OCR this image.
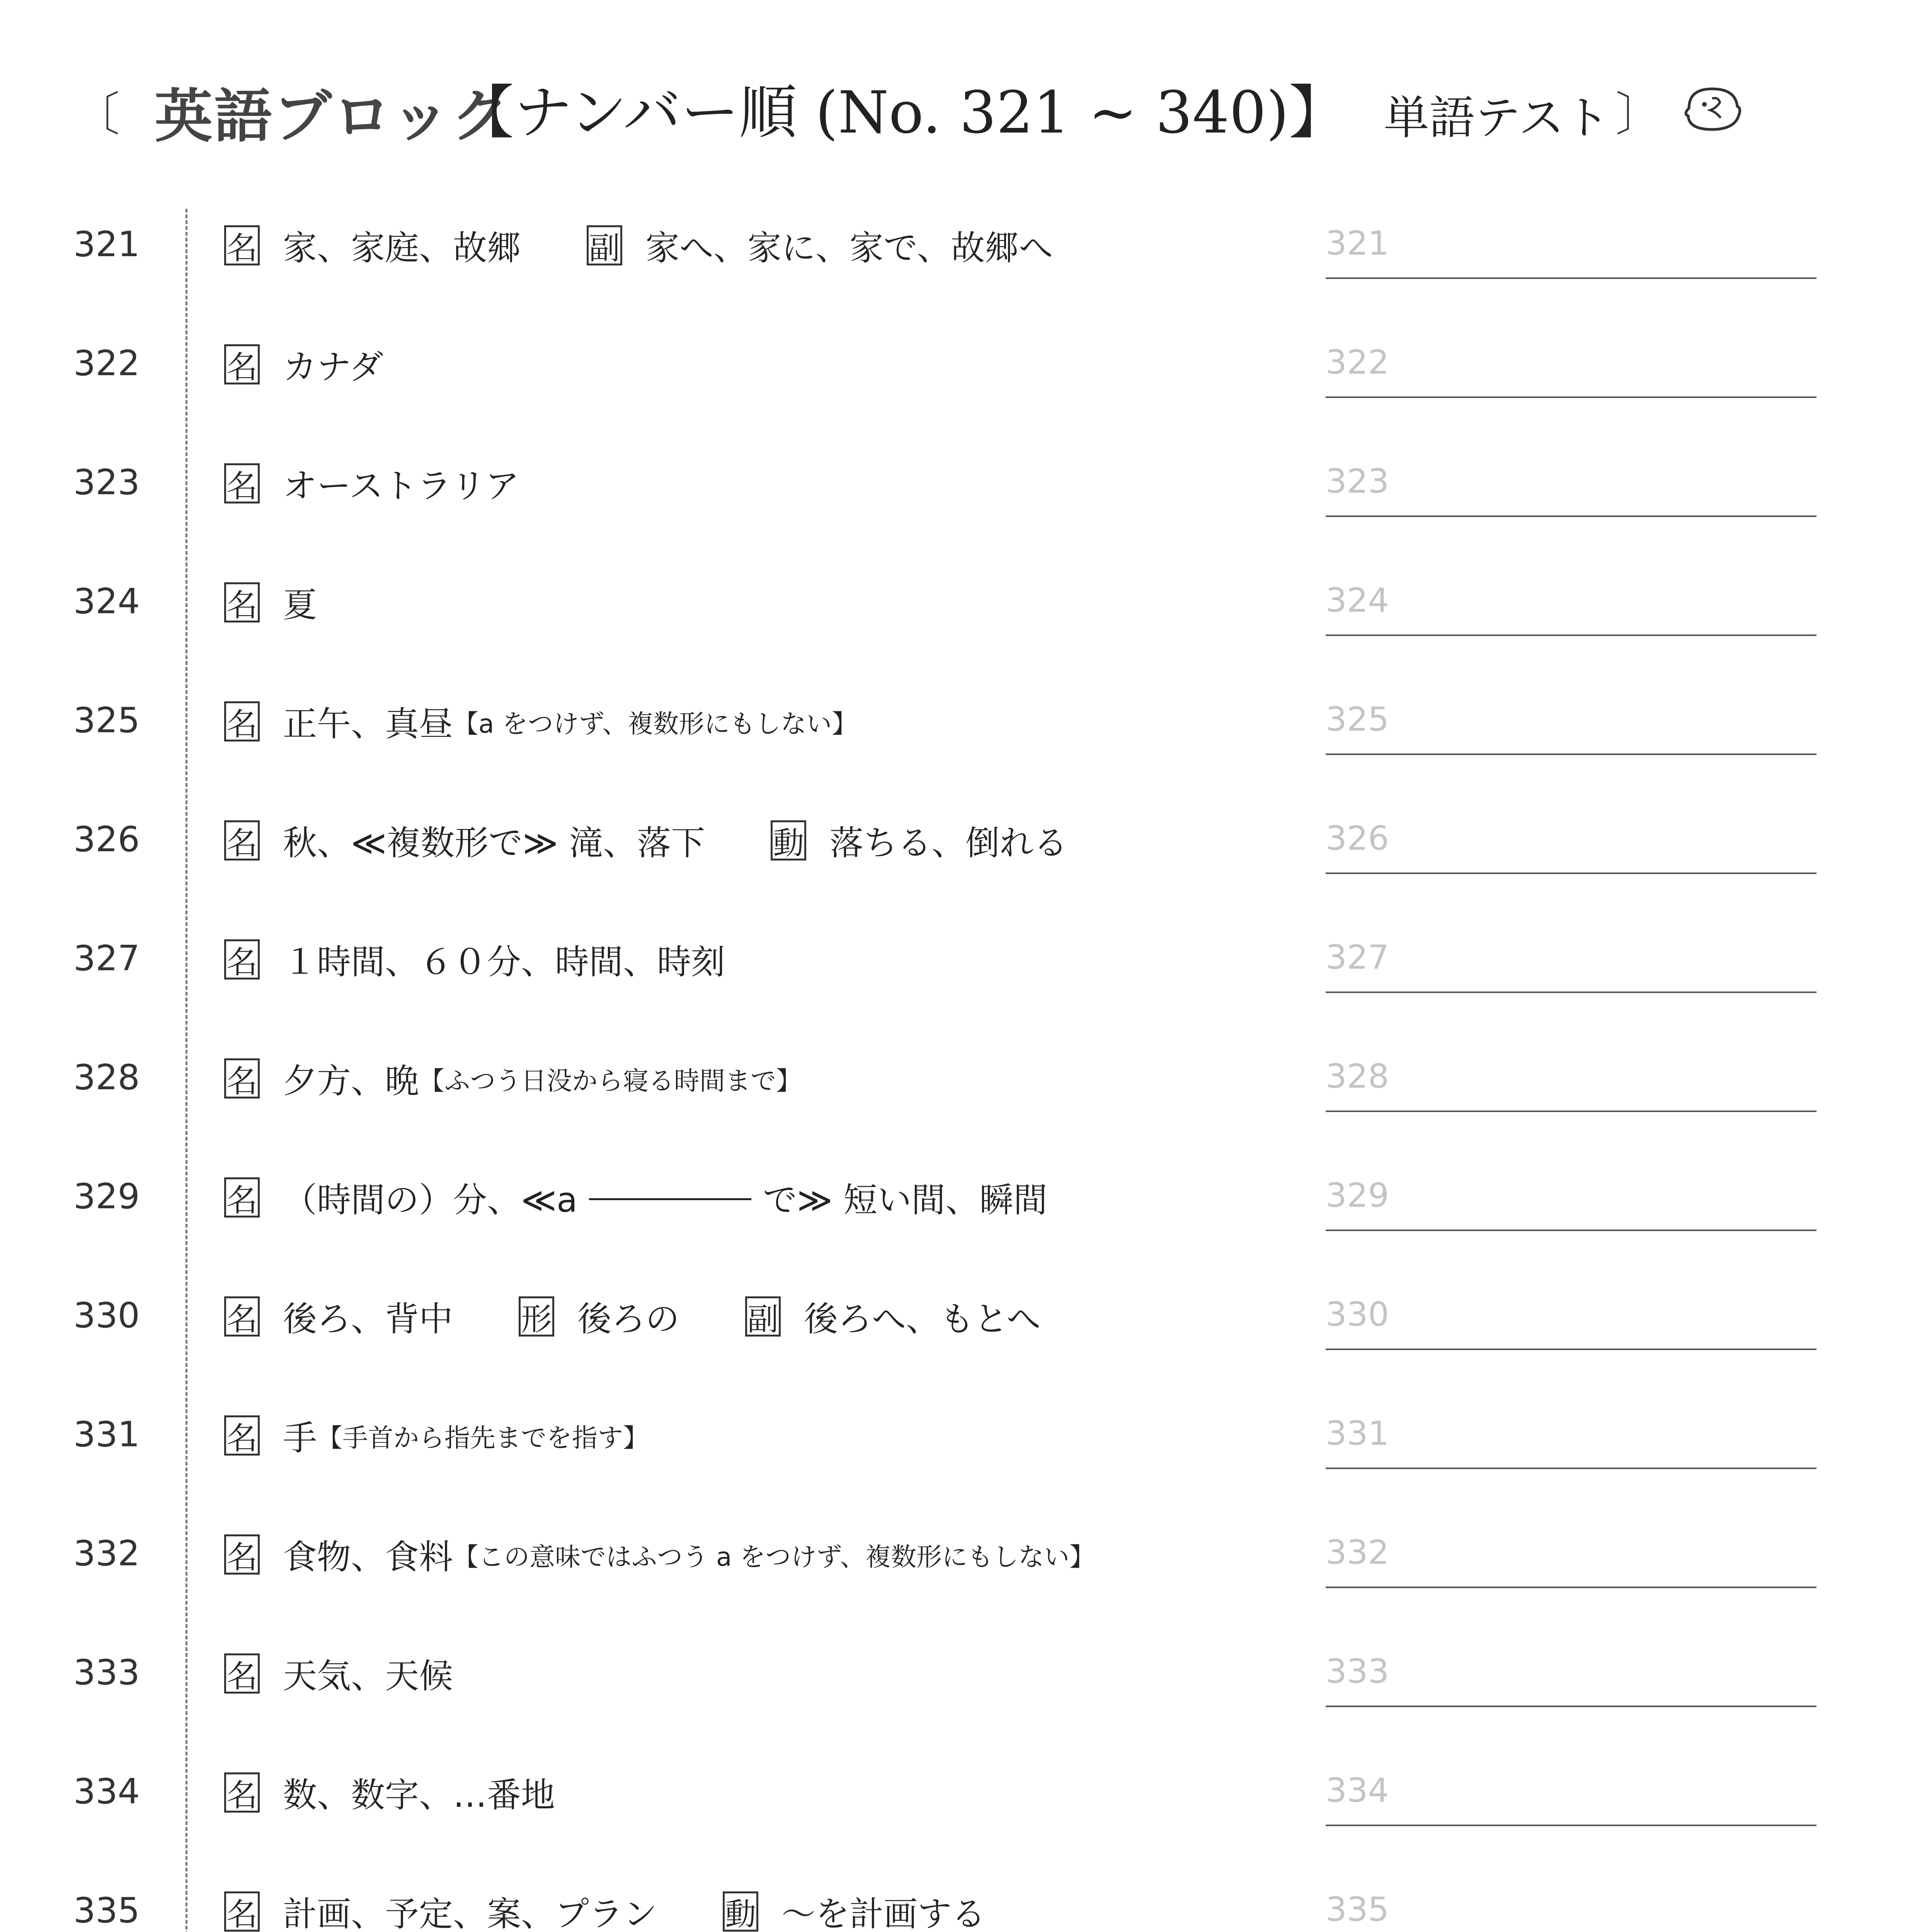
〔 英語ブロック
【ナンバー順 (No. 321 ~ 340)】 単語テスト 〕
321	名 家、家庭、故郷 副 家へ、家に、家で、故郷へ	321
322	名 カナダ	322
323	名 オーストラリア	323
324	名 夏	324
325	名 正午、真昼 【a をつけず、複数形にもしない】	325
326	名 秋、≪複数形で≫ 滝、落下 動 落ちる、倒れる	326
327	名 １時間、６０分、時間、時刻	327
328	名 夕方、晩 【ふつう日没から寝る時間まで】	328
329	名 （時間の）分、≪a	で≫ 短い間、瞬間	329
330	名 後ろ、背中 形 後ろの 副 後ろへ、もとへ	330
331	名 手 【手首から指先までを指す】	331
332	名 食物、食料 【この意味ではふつう a をつけず、複数形にもしない】	332
333	名 天気、天候	333
334	名 数、数字、…番地	334
335	名 計画、予定、案、プラン 動 ～を計画する	335
